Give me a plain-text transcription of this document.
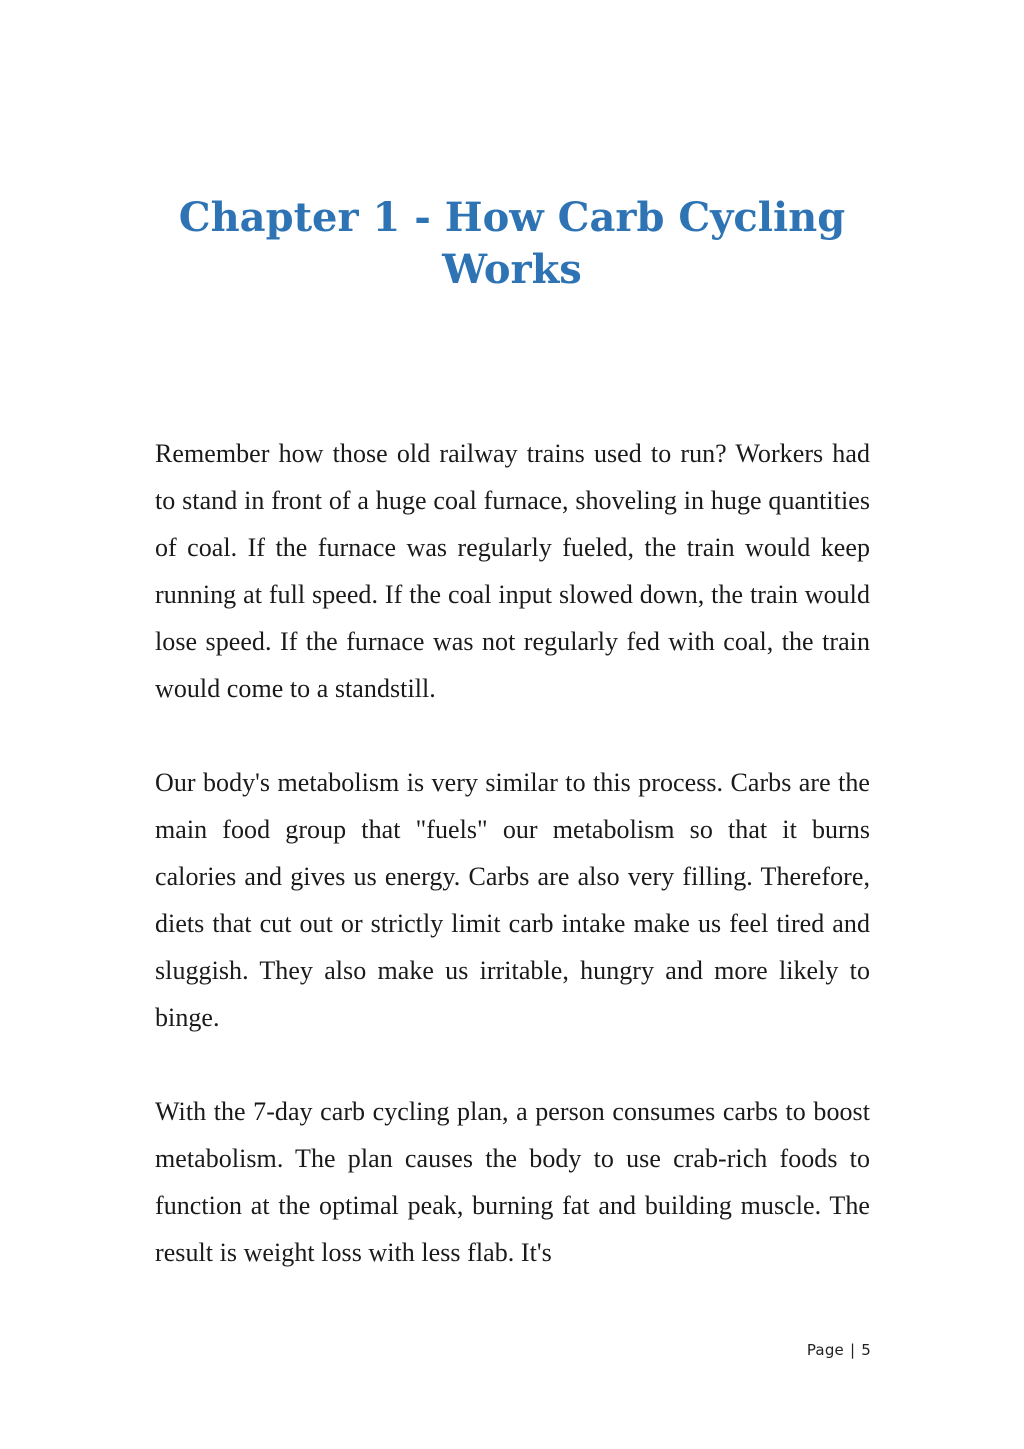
Chapter 1 - How Carb Cycling Works

Remember how those old railway trains used to run? Workers had to stand in front of a huge coal furnace, shoveling in huge quantities of coal. If the furnace was regularly fueled, the train would keep running at full speed. If the coal input slowed down, the train would lose speed. If the furnace was not regularly fed with coal, the train would come to a standstill.

Our body's metabolism is very similar to this process. Carbs are the main food group that "fuels" our metabolism so that it burns calories and gives us energy. Carbs are also very filling. Therefore, diets that cut out or strictly limit carb intake make us feel tired and sluggish. They also make us irritable, hungry and more likely to binge.

With the 7-day carb cycling plan, a person consumes carbs to boost metabolism. The plan causes the body to use crab-rich foods to function at the optimal peak, burning fat and building muscle. The result is weight loss with less flab. It's

Page | 5
